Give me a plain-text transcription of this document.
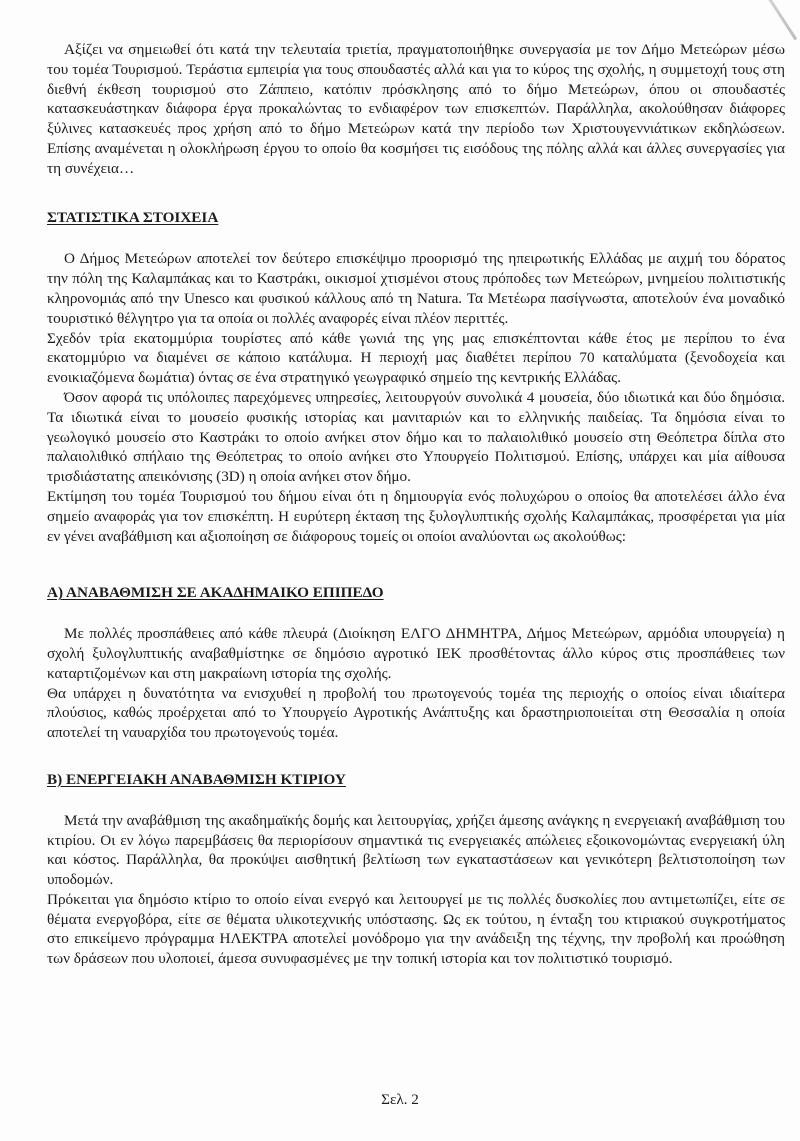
Αξίζει να σημειωθεί ότι κατά την τελευταία τριετία, πραγματοποιήθηκε συνεργασία με τον Δήμο Μετεώρων μέσω του τομέα Τουρισμού. Τεράστια εμπειρία για τους σπουδαστές αλλά και για το κύρος της σχολής, η συμμετοχή τους στη διεθνή έκθεση τουρισμού στο Ζάππειο, κατόπιν πρόσκλησης από το δήμο Μετεώρων, όπου οι σπουδαστές κατασκευάστηκαν διάφορα έργα προκαλώντας το ενδιαφέρον των επισκεπτών. Παράλληλα, ακολούθησαν διάφορες ξύλινες κατασκευές προς χρήση από το δήμο Μετεώρων κατά την περίοδο των Χριστουγεννιάτικων εκδηλώσεων. Επίσης αναμένεται η ολοκλήρωση έργου το οποίο θα κοσμήσει τις εισόδους της πόλης αλλά και άλλες συνεργασίες για τη συνέχεια…

ΣΤΑΤΙΣΤΙΚΑ ΣΤΟΙΧΕΙΑ

Ο Δήμος Μετεώρων αποτελεί τον δεύτερο επισκέψιμο προορισμό της ηπειρωτικής Ελλάδας με αιχμή του δόρατος την πόλη της Καλαμπάκας και το Καστράκι, οικισμοί χτισμένοι στους πρόποδες των Μετεώρων, μνημείου πολιτιστικής κληρονομιάς από την Unesco και φυσικού κάλλους από τη Natura. Τα Μετέωρα πασίγνωστα, αποτελούν ένα μοναδικό τουριστικό θέλγητρο για τα οποία οι πολλές αναφορές είναι πλέον περιττές.

Σχεδόν τρία εκατομμύρια τουρίστες από κάθε γωνιά της γης μας επισκέπτονται κάθε έτος με περίπου το ένα εκατομμύριο να διαμένει σε κάποιο κατάλυμα. Η περιοχή μας διαθέτει περίπου 70 καταλύματα (ξενοδοχεία και ενοικιαζόμενα δωμάτια) όντας σε ένα στρατηγικό γεωγραφικό σημείο της κεντρικής Ελλάδας.

Όσον αφορά τις υπόλοιπες παρεχόμενες υπηρεσίες, λειτουργούν συνολικά 4 μουσεία, δύο ιδιωτικά και δύο δημόσια. Τα ιδιωτικά είναι το μουσείο φυσικής ιστορίας και μανιταριών και το ελληνικής παιδείας. Τα δημόσια είναι το γεωλογικό μουσείο στο Καστράκι το οποίο ανήκει στον δήμο και το παλαιολιθικό μουσείο στη Θεόπετρα δίπλα στο παλαιολιθικό σπήλαιο της Θεόπετρας το οποίο ανήκει στο Υπουργείο Πολιτισμού. Επίσης, υπάρχει και μία αίθουσα τρισδιάστατης απεικόνισης (3D) η οποία ανήκει στον δήμο.

Εκτίμηση του τομέα Τουρισμού του δήμου είναι ότι η δημιουργία ενός πολυχώρου ο οποίος θα αποτελέσει άλλο ένα σημείο αναφοράς για τον επισκέπτη. Η ευρύτερη έκταση της ξυλογλυπτικής σχολής Καλαμπάκας, προσφέρεται για μία εν γένει αναβάθμιση και αξιοποίηση σε διάφορους τομείς οι οποίοι αναλύονται ως ακολούθως:

Α) ΑΝΑΒΑΘΜΙΣΗ ΣΕ ΑΚΑΔΗΜΑΙΚΟ ΕΠΙΠΕΔΟ

Με πολλές προσπάθειες από κάθε πλευρά (Διοίκηση ΕΛΓΟ ΔΗΜΗΤΡΑ, Δήμος Μετεώρων, αρμόδια υπουργεία) η σχολή ξυλογλυπτικής αναβαθμίστηκε σε δημόσιο αγροτικό ΙΕΚ προσθέτοντας άλλο κύρος στις προσπάθειες των καταρτιζομένων και στη μακραίωνη ιστορία της σχολής.

Θα υπάρχει η δυνατότητα να ενισχυθεί η προβολή του πρωτογενούς τομέα της περιοχής ο οποίος είναι ιδιαίτερα πλούσιος, καθώς προέρχεται από το Υπουργείο Αγροτικής Ανάπτυξης και δραστηριοποιείται στη Θεσσαλία η οποία αποτελεί τη ναυαρχίδα του πρωτογενούς τομέα.

Β) ΕΝΕΡΓΕΙΑΚΗ ΑΝΑΒΑΘΜΙΣΗ ΚΤΙΡΙΟΥ

Μετά την αναβάθμιση της ακαδημαϊκής δομής και λειτουργίας, χρήζει άμεσης ανάγκης η ενεργειακή αναβάθμιση του κτιρίου. Οι εν λόγω παρεμβάσεις θα περιορίσουν σημαντικά τις ενεργειακές απώλειες εξοικονομώντας ενεργειακή ύλη και κόστος. Παράλληλα, θα προκύψει αισθητική βελτίωση των εγκαταστάσεων και γενικότερη βελτιστοποίηση των υποδομών.

Πρόκειται για δημόσιο κτίριο το οποίο είναι ενεργό και λειτουργεί με τις πολλές δυσκολίες που αντιμετωπίζει, είτε σε θέματα ενεργοβόρα, είτε σε θέματα υλικοτεχνικής υπόστασης. Ως εκ τούτου, η ένταξη του κτιριακού συγκροτήματος στο επικείμενο πρόγραμμα ΗΛΕΚΤΡΑ αποτελεί μονόδρομο για την ανάδειξη της τέχνης, την προβολή και προώθηση των δράσεων που υλοποιεί, άμεσα συνυφασμένες με την τοπική ιστορία και τον πολιτιστικό τουρισμό.

Σελ. 2
